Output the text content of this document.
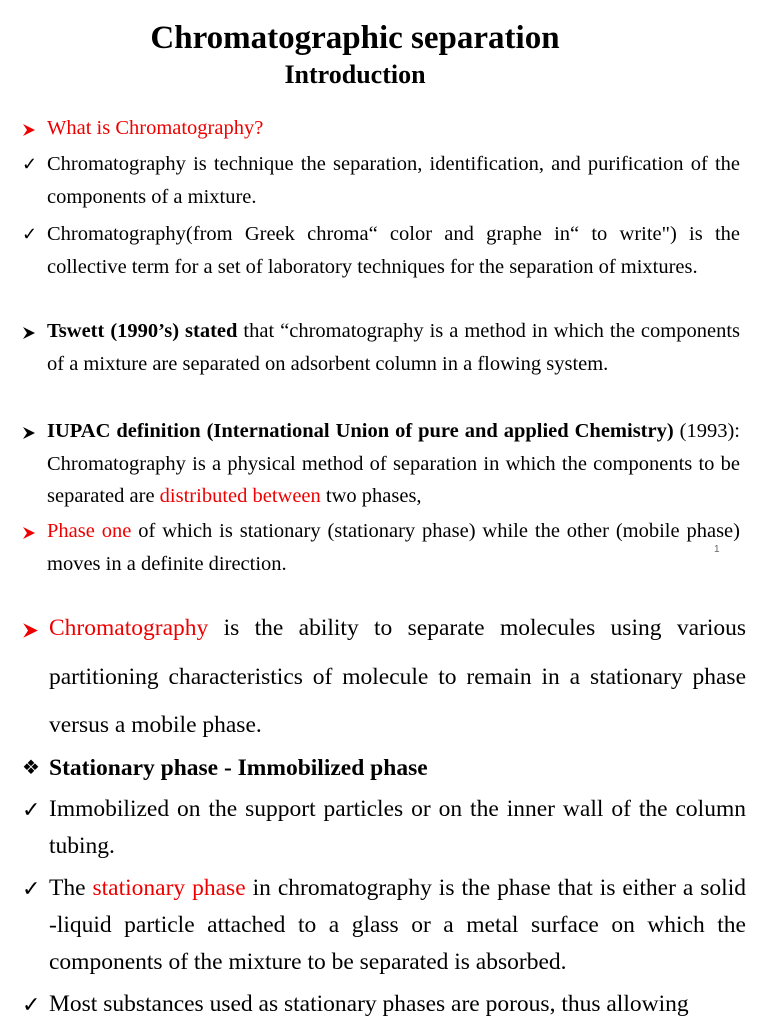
Chromatographic separation
Introduction
What is Chromatography?
✓ Chromatography is technique the separation, identification, and purification of the components of a mixture.
✓ Chromatography(from Greek chroma“ color and graphe in“ to write") is the collective term for a set of laboratory techniques for the separation of mixtures.
Tswett (1990’s) stated that “chromatography is a method in which the components of a mixture are separated on adsorbent column in a flowing system.
IUPAC definition (International Union of pure and applied Chemistry) (1993): Chromatography is a physical method of separation in which the components to be separated are distributed between two phases,
Phase one of which is stationary (stationary phase) while the other (mobile phase) moves in a definite direction.
1
Chromatography is the ability to separate molecules using various partitioning characteristics of molecule to remain in a stationary phase versus a mobile phase.
❖ Stationary phase - Immobilized phase
✓ Immobilized on the support particles or on the inner wall of the column tubing.
✓ The stationary phase in chromatography is the phase that is either a solid -liquid particle attached to a glass or a metal surface on which the components of the mixture to be separated is absorbed.
✓ Most substances used as stationary phases are porous, thus allowing
